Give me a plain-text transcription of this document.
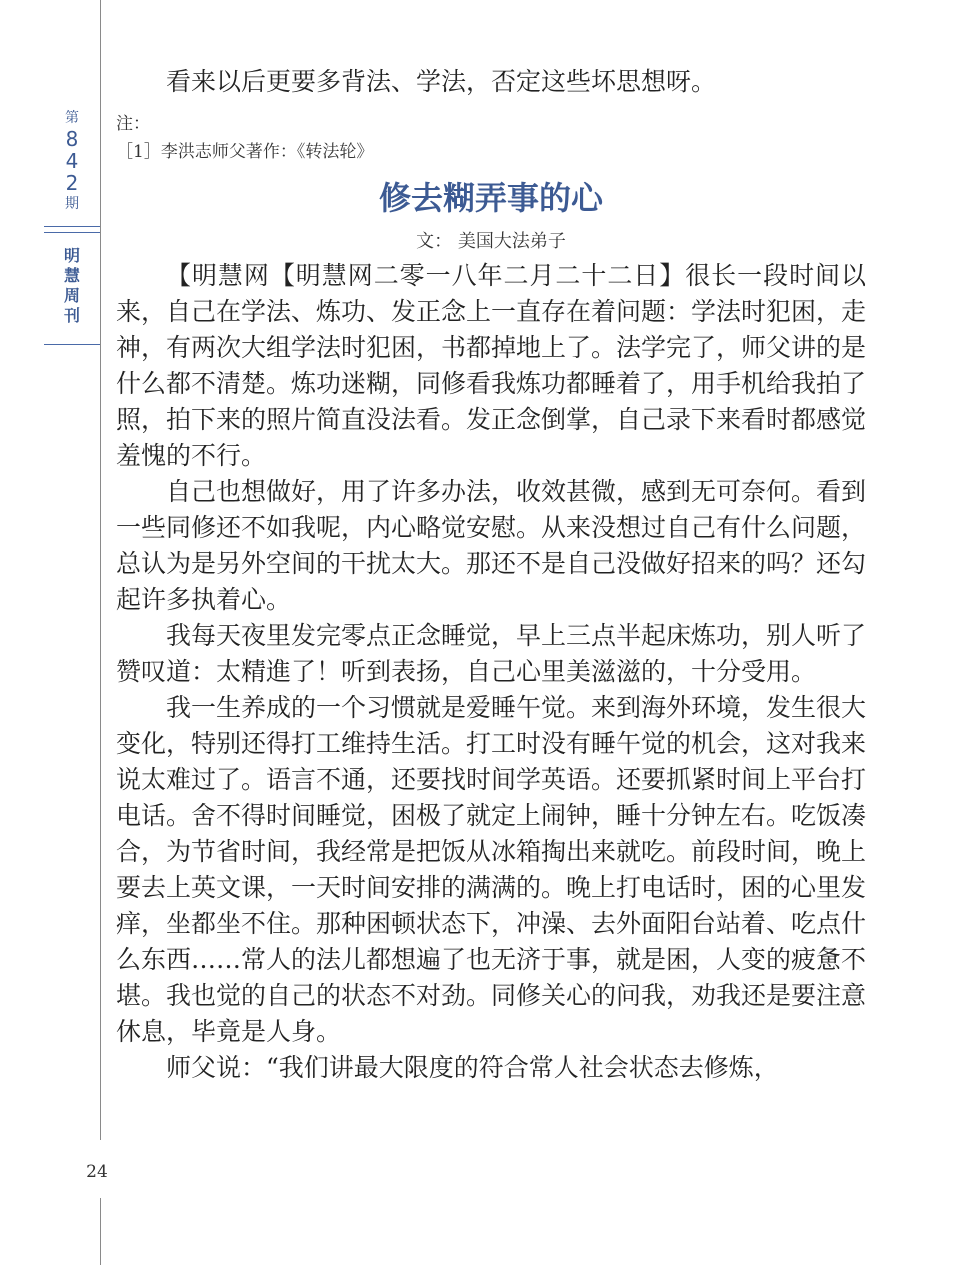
第
8
4
2
期
明
慧
周
刊
24

看来以后更要多背法、学法，否定这些坏思想呀。

注：

［1］李洪志师父著作：《转法轮》

修去糊弄事的心

文： 美国大法弟子

【明慧网【明慧网二零一八年二月二十二日】很长一段时间以来，自己在学法、炼功、发正念上一直存在着问题：学法时犯困，走神，有两次大组学法时犯困，书都掉地上了。法学完了，师父讲的是什么都不清楚。炼功迷糊，同修看我炼功都睡着了，用手机给我拍了照，拍下来的照片简直没法看。发正念倒掌，自己录下来看时都感觉羞愧的不行。

自己也想做好，用了许多办法，收效甚微，感到无可奈何。看到一些同修还不如我呢，内心略觉安慰。从来没想过自己有什么问题，总认为是另外空间的干扰太大。那还不是自己没做好招来的吗？还勾起许多执着心。

我每天夜里发完零点正念睡觉，早上三点半起床炼功，别人听了赞叹道：太精進了！听到表扬，自己心里美滋滋的，十分受用。

我一生养成的一个习惯就是爱睡午觉。来到海外环境，发生很大变化，特别还得打工维持生活。打工时没有睡午觉的机会，这对我来说太难过了。语言不通，还要找时间学英语。还要抓紧时间上平台打电话。舍不得时间睡觉，困极了就定上闹钟，睡十分钟左右。吃饭凑合，为节省时间，我经常是把饭从冰箱掏出来就吃。前段时间，晚上要去上英文课，一天时间安排的满满的。晚上打电话时，困的心里发痒，坐都坐不住。那种困顿状态下，冲澡、去外面阳台站着、吃点什么东西……常人的法儿都想遍了也无济于事，就是困，人变的疲惫不堪。我也觉的自己的状态不对劲。同修关心的问我，劝我还是要注意休息，毕竟是人身。

师父说：“我们讲最大限度的符合常人社会状态去修炼，
